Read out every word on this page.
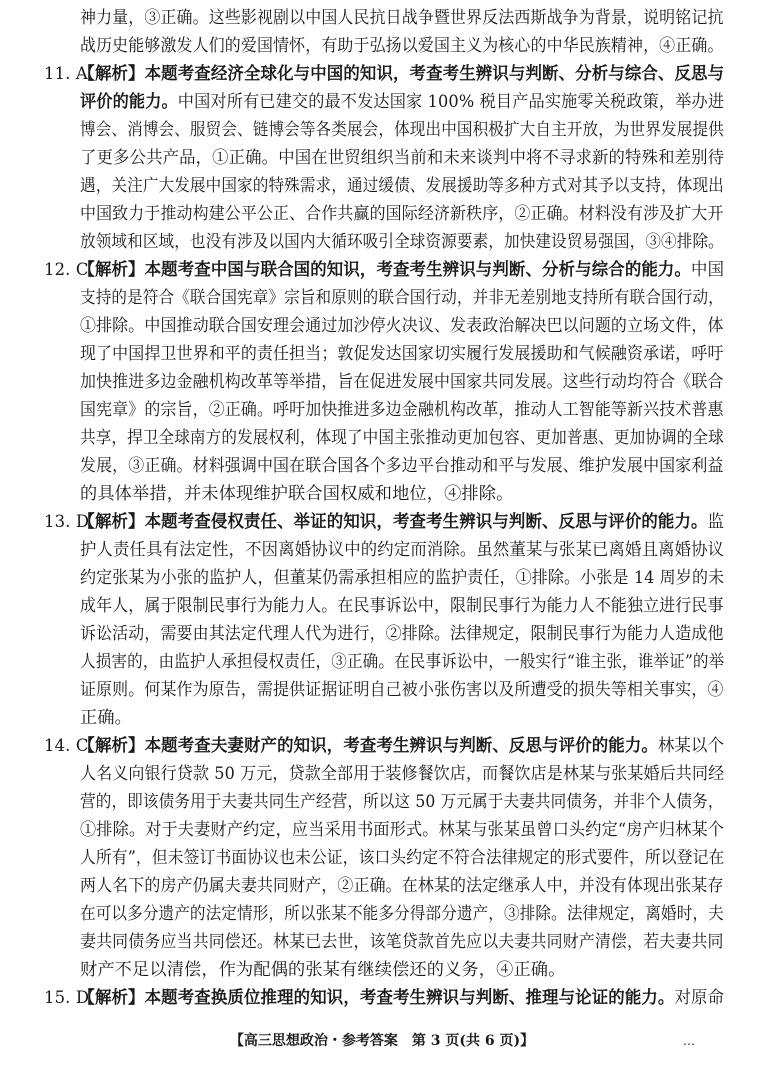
神力量，③正确。这些影视剧以中国人民抗日战争暨世界反法西斯战争为背景，说明铭记抗
战历史能够激发人们的爱国情怀，有助于弘扬以爱国主义为核心的中华民族精神，④正确。
11. A【解析】本题考查经济全球化与中国的知识，考查考生辨识与判断、分析与综合、反思与
评价的能力。中国对所有已建交的最不发达国家 100% 税目产品实施零关税政策，举办进
博会、消博会、服贸会、链博会等各类展会，体现出中国积极扩大自主开放，为世界发展提供
了更多公共产品，①正确。中国在世贸组织当前和未来谈判中将不寻求新的特殊和差别待
遇，关注广大发展中国家的特殊需求，通过缓债、发展援助等多种方式对其予以支持，体现出
中国致力于推动构建公平公正、合作共赢的国际经济新秩序，②正确。材料没有涉及扩大开
放领域和区域，也没有涉及以国内大循环吸引全球资源要素，加快建设贸易强国，③④排除。
12. C【解析】本题考查中国与联合国的知识，考查考生辨识与判断、分析与综合的能力。中国
支持的是符合《联合国宪章》宗旨和原则的联合国行动，并非无差别地支持所有联合国行动，
①排除。中国推动联合国安理会通过加沙停火决议、发表政治解决巴以问题的立场文件，体
现了中国捍卫世界和平的责任担当；敦促发达国家切实履行发展援助和气候融资承诺，呼吁
加快推进多边金融机构改革等举措，旨在促进发展中国家共同发展。这些行动均符合《联合
国宪章》的宗旨，②正确。呼吁加快推进多边金融机构改革，推动人工智能等新兴技术普惠
共享，捍卫全球南方的发展权利，体现了中国主张推动更加包容、更加普惠、更加协调的全球
发展，③正确。材料强调中国在联合国各个多边平台推动和平与发展、维护发展中国家利益
的具体举措，并未体现维护联合国权威和地位，④排除。
13. D【解析】本题考查侵权责任、举证的知识，考查考生辨识与判断、反思与评价的能力。监
护人责任具有法定性，不因离婚协议中的约定而消除。虽然董某与张某已离婚且离婚协议
约定张某为小张的监护人，但董某仍需承担相应的监护责任，①排除。小张是 14 周岁的未
成年人，属于限制民事行为能力人。在民事诉讼中，限制民事行为能力人不能独立进行民事
诉讼活动，需要由其法定代理人代为进行，②排除。法律规定，限制民事行为能力人造成他
人损害的，由监护人承担侵权责任，③正确。在民事诉讼中，一般实行“谁主张，谁举证”的举
证原则。何某作为原告，需提供证据证明自己被小张伤害以及所遭受的损失等相关事实，④
正确。
14. C【解析】本题考查夫妻财产的知识，考查考生辨识与判断、反思与评价的能力。林某以个
人名义向银行贷款 50 万元，贷款全部用于装修餐饮店，而餐饮店是林某与张某婚后共同经
营的，即该债务用于夫妻共同生产经营，所以这 50 万元属于夫妻共同债务，并非个人债务，
①排除。对于夫妻财产约定，应当采用书面形式。林某与张某虽曾口头约定“房产归林某个
人所有”，但未签订书面协议也未公证，该口头约定不符合法律规定的形式要件，所以登记在
两人名下的房产仍属夫妻共同财产，②正确。在林某的法定继承人中，并没有体现出张某存
在可以多分遗产的法定情形，所以张某不能多分得部分遗产，③排除。法律规定，离婚时，夫
妻共同债务应当共同偿还。林某已去世，该笔贷款首先应以夫妻共同财产清偿，若夫妻共同
财产不足以清偿，作为配偶的张某有继续偿还的义务，④正确。
15. D【解析】本题考查换质位推理的知识，考查考生辨识与判断、推理与论证的能力。对原命
【高三思想政治・参考答案　第 3 页(共 6 页)】	…
